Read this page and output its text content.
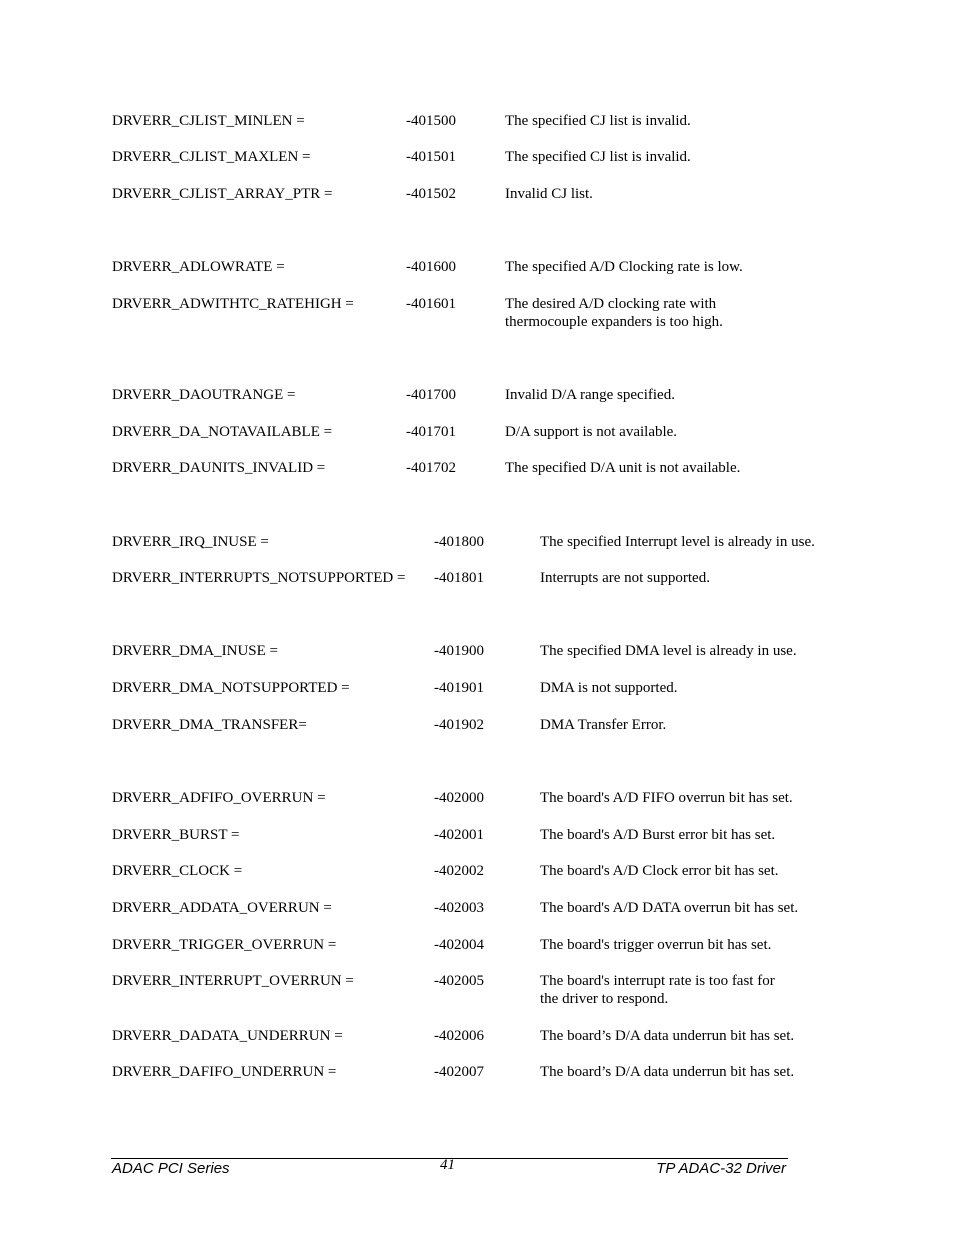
DRVERR_CJLIST_MINLEN =	-401500	The specified CJ list is invalid.
DRVERR_CJLIST_MAXLEN =	-401501	The specified CJ list is invalid.
DRVERR_CJLIST_ARRAY_PTR =	-401502	Invalid CJ list.
DRVERR_ADLOWRATE =	-401600	The specified A/D Clocking rate is low.
DRVERR_ADWITHTC_RATEHIGH =	-401601	The desired A/D clocking rate with
thermocouple expanders is too high.
DRVERR_DAOUTRANGE =	-401700	Invalid D/A range specified.
DRVERR_DA_NOTAVAILABLE =	-401701	D/A support is not available.
DRVERR_DAUNITS_INVALID =	-401702	The specified D/A unit is not available.
DRVERR_IRQ_INUSE =	-401800	The specified Interrupt level is already in use.
DRVERR_INTERRUPTS_NOTSUPPORTED = -401801	Interrupts are not supported.
DRVERR_DMA_INUSE =	-401900	The specified DMA level is already in use.
DRVERR_DMA_NOTSUPPORTED =	-401901	DMA is not supported.
DRVERR_DMA_TRANSFER=	-401902	DMA Transfer Error.
DRVERR_ADFIFO_OVERRUN =	-402000	The board's A/D FIFO overrun bit has set.
DRVERR_BURST =	-402001	The board's A/D Burst error bit has set.
DRVERR_CLOCK =	-402002	The board's A/D Clock error bit has set.
DRVERR_ADDATA_OVERRUN =	-402003	The board's A/D DATA overrun bit has set.
DRVERR_TRIGGER_OVERRUN =	-402004	The board's trigger overrun bit has set.
DRVERR_INTERRUPT_OVERRUN =	-402005	The board's interrupt rate is too fast for
the driver to respond.
DRVERR_DADATA_UNDERRUN =	-402006	The board’s D/A data underrun bit has set.
DRVERR_DAFIFO_UNDERRUN =	-402007	The board’s D/A data underrun bit has set.
ADAC PCI Series	41	TP ADAC-32 Driver
